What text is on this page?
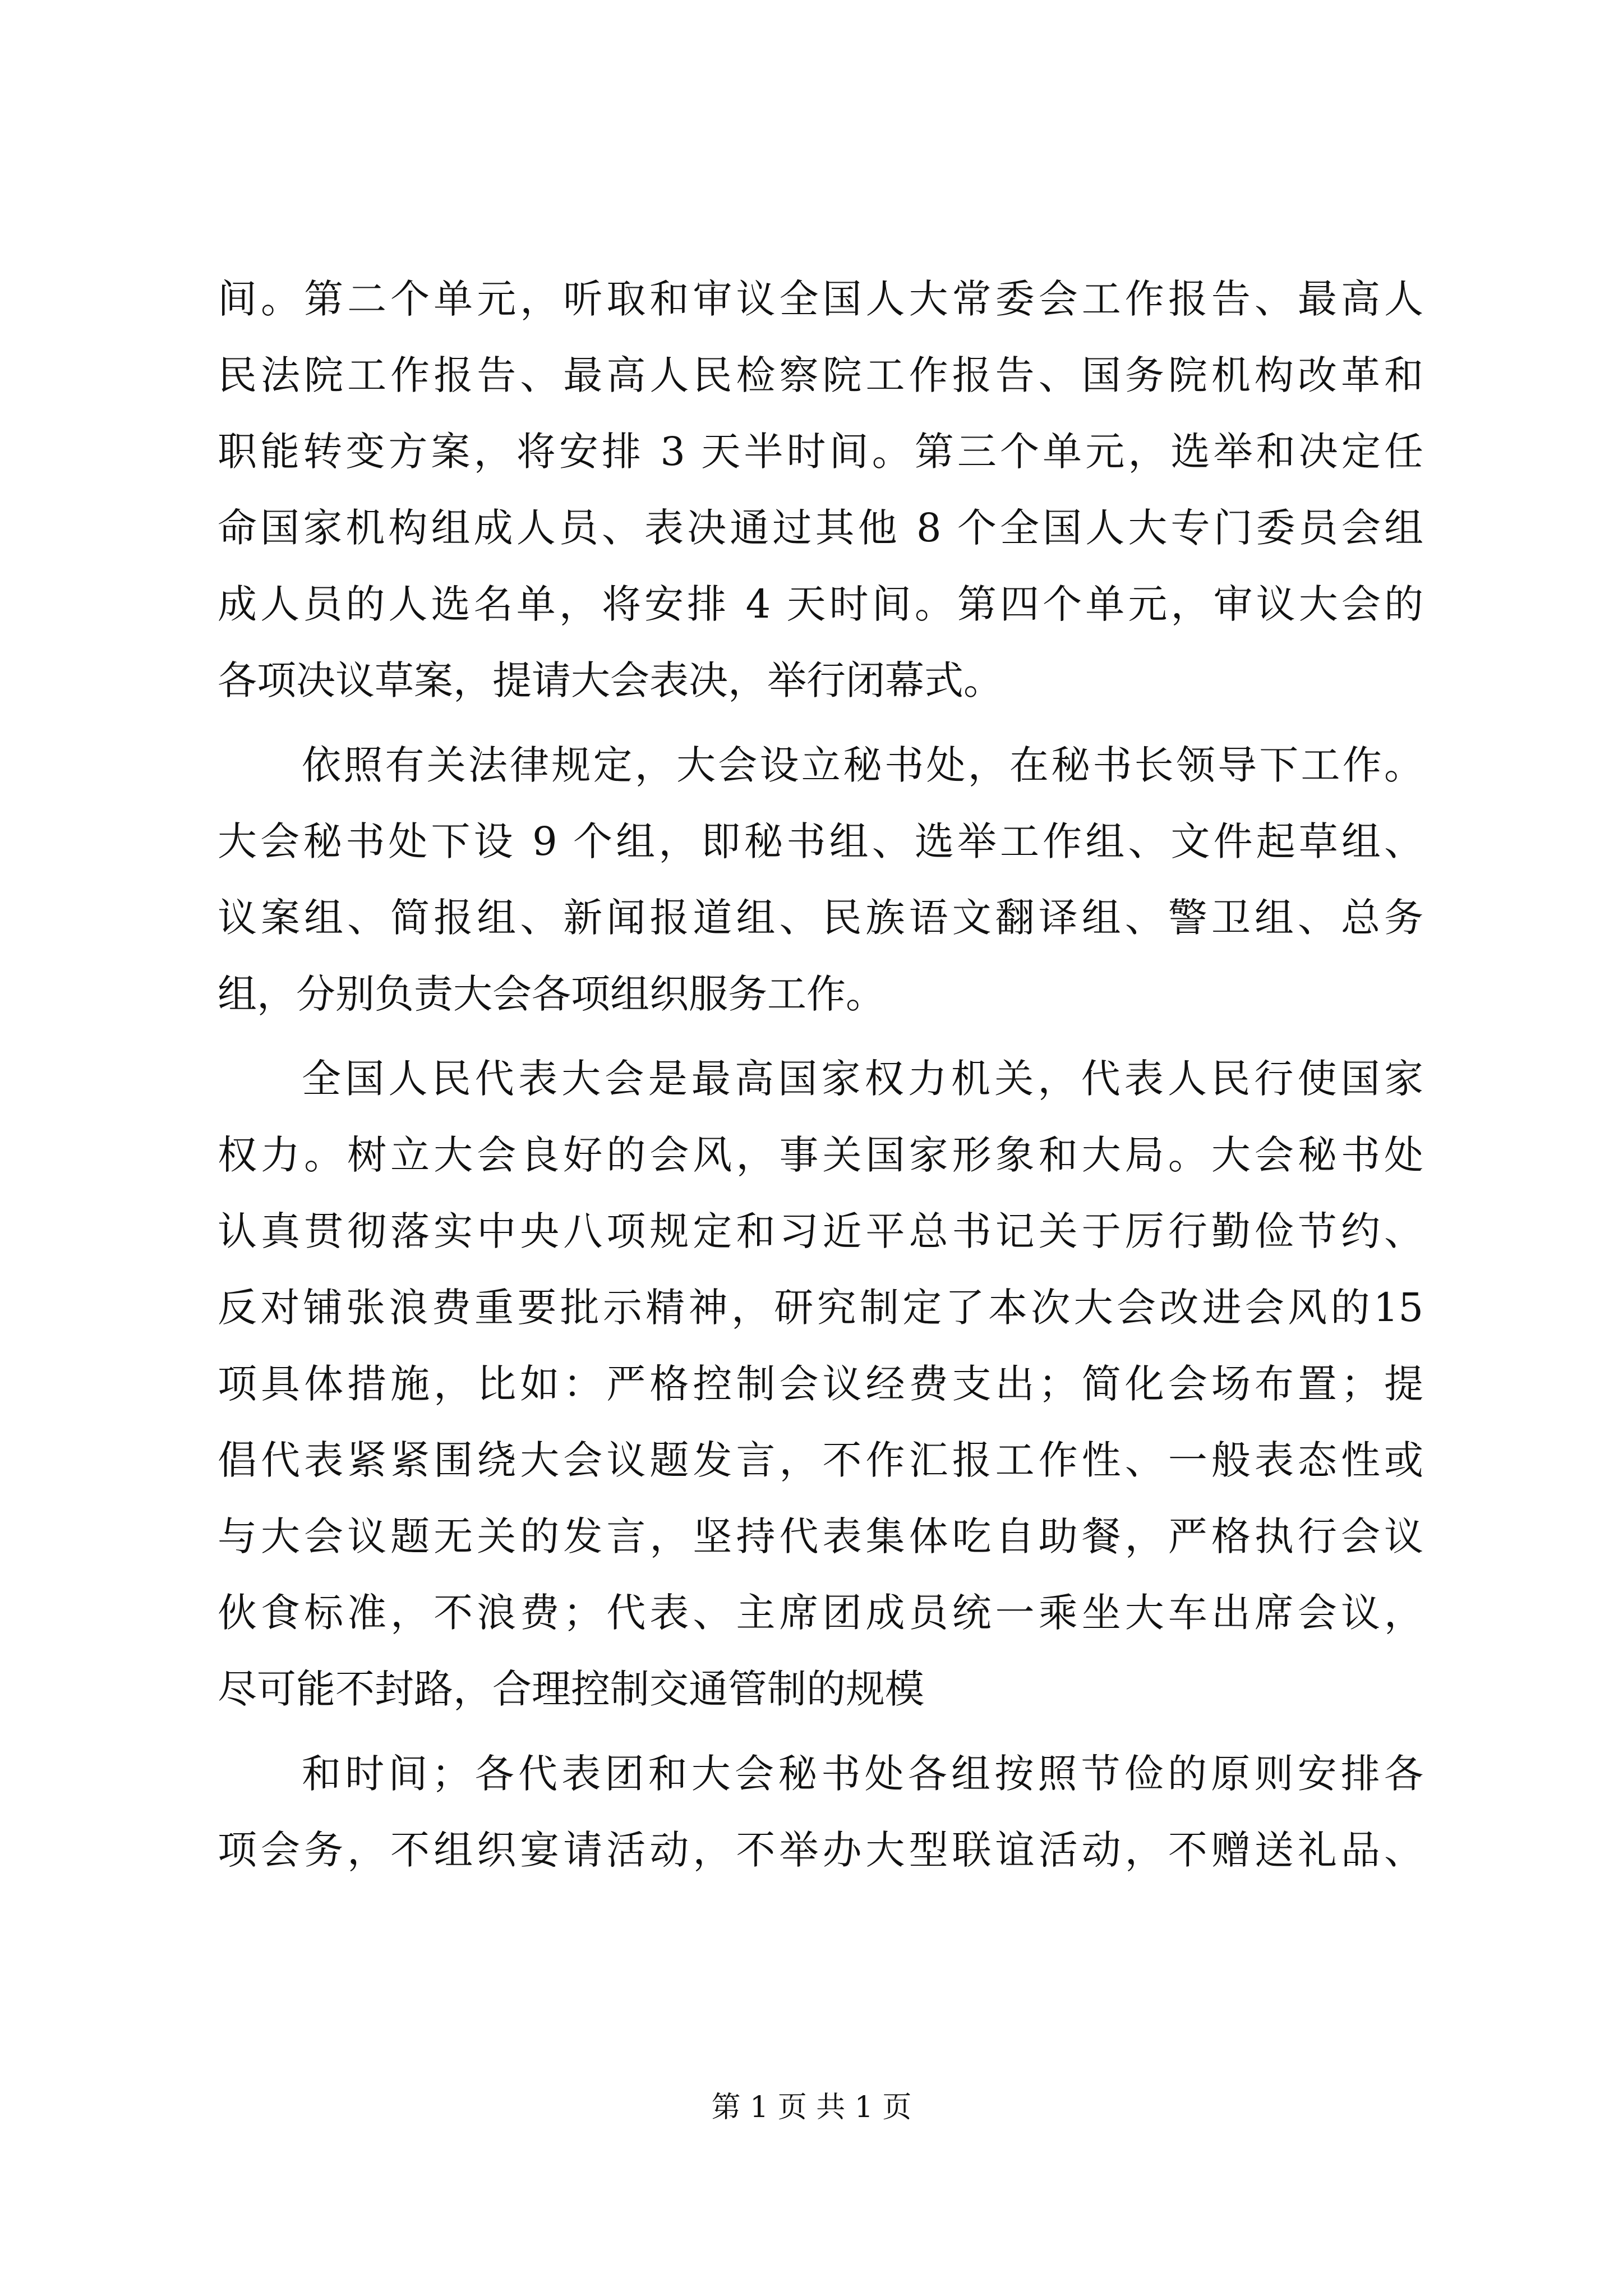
间。第二个单元，听取和审议全国人大常委会工作报告、最高人
民法院工作报告、最高人民检察院工作报告、国务院机构改革和
职能转变方案，将安排 3 天半时间。第三个单元，选举和决定任
命国家机构组成人员、表决通过其他 8 个全国人大专门委员会组
成人员的人选名单，将安排 4 天时间。第四个单元，审议大会的
各项决议草案，提请大会表决，举行闭幕式。
依照有关法律规定，大会设立秘书处，在秘书长领导下工作。
大会秘书处下设 9 个组，即秘书组、选举工作组、文件起草组、
议案组、简报组、新闻报道组、民族语文翻译组、警卫组、总务
组，分别负责大会各项组织服务工作。
全国人民代表大会是最高国家权力机关，代表人民行使国家
权力。树立大会良好的会风，事关国家形象和大局。大会秘书处
认真贯彻落实中央八项规定和习近平总书记关于厉行勤俭节约、
反对铺张浪费重要批示精神，研究制定了本次大会改进会风的15
项具体措施，比如：严格控制会议经费支出；简化会场布置；提
倡代表紧紧围绕大会议题发言，不作汇报工作性、一般表态性或
与大会议题无关的发言，坚持代表集体吃自助餐，严格执行会议
伙食标准，不浪费；代表、主席团成员统一乘坐大车出席会议，
尽可能不封路，合理控制交通管制的规模
和时间；各代表团和大会秘书处各组按照节俭的原则安排各
项会务，不组织宴请活动，不举办大型联谊活动，不赠送礼品、
第 1 页 共 1 页
